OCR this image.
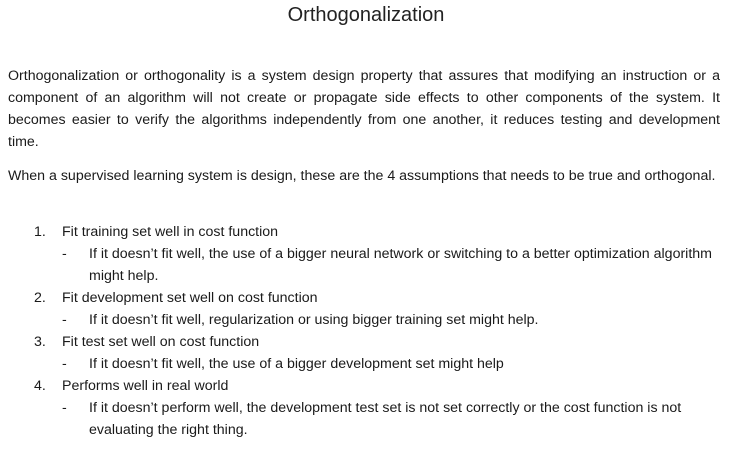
Orthogonalization

Orthogonalization or orthogonality is a system design property that assures that modifying an instruction or a component of an algorithm will not create or propagate side effects to other components of the system. It becomes easier to verify the algorithms independently from one another, it reduces testing and development time.

When a supervised learning system is design, these are the 4 assumptions that needs to be true and orthogonal.

1. Fit training set well in cost function
- If it doesn’t fit well, the use of a bigger neural network or switching to a better optimization algorithm might help.
2. Fit development set well on cost function
- If it doesn’t fit well, regularization or using bigger training set might help.
3. Fit test set well on cost function
- If it doesn’t fit well, the use of a bigger development set might help
4. Performs well in real world
- If it doesn’t perform well, the development test set is not set correctly or the cost function is not evaluating the right thing.
